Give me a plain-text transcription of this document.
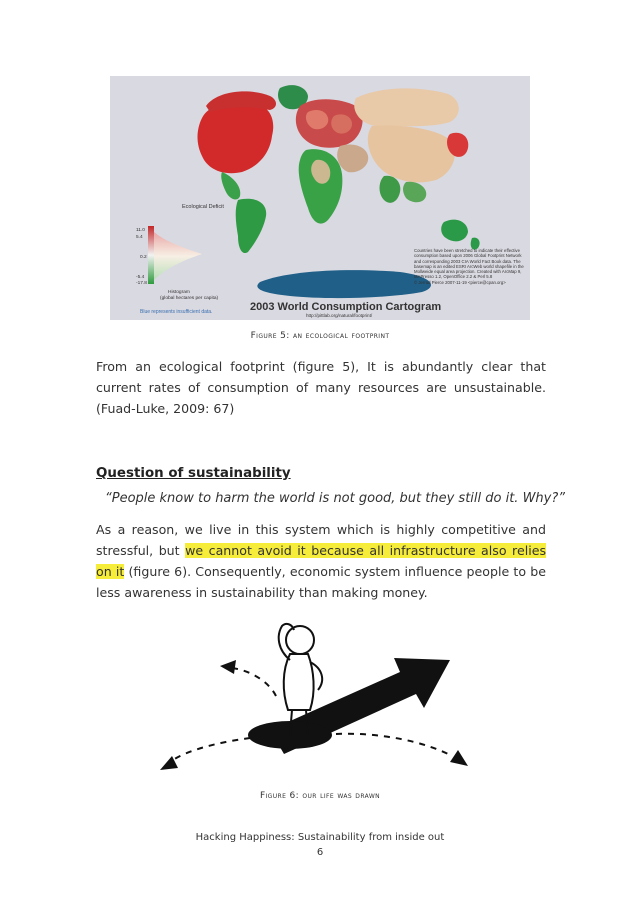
Ecological Deficit
11.0
5.4
0.2
-5.4
-17.8
Histogram
(global hectares per capita)
Blue represents insufficient data.	2003 World Consumption Cartogram
http://pittlab.org/natural/footprint/
Countries have been stretched to indicate their effective consumption based upon 2006 Global Footprint Network and corresponding 2003 CIA World Fact Book data. The basemap is an edited ESRI ArcWeb world shapefile in the Mollweide equal area projection. Created with ArcMap 9, MAPresso 1.2, OpenOffice 2.2 & Perl 5.8
© Jerrad Pierce 2007-11-19 <pierce@cpan.org>
Figure 5: an ecological footprint
From an ecological footprint (figure 5), It is abundantly clear that current rates of consumption of many resources are unsustainable. (Fuad-Luke, 2009: 67)
Question of sustainability
“People know to harm the world is not good, but they still do it. Why?”
As a reason, we live in this system which is highly competitive and stressful, but we cannot avoid it because all infrastructure also relies on it (figure 6). Consequently, economic system influence people to be less awareness in sustainability than making money.
Figure 6: our life was drawn
Hacking Happiness: Sustainability from inside out
6
